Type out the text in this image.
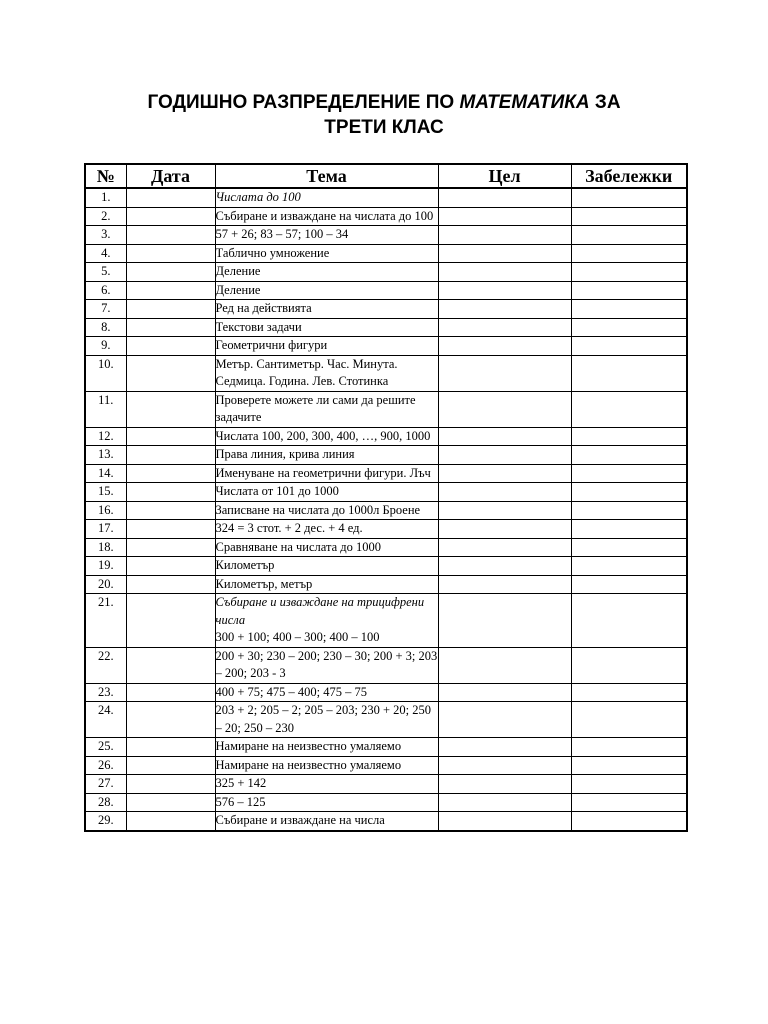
ГОДИШНО РАЗПРЕДЕЛЕНИЕ ПО МАТЕМАТИКА ЗА
ТРЕТИ КЛАС
№	Дата	Тема	Цел	Забележки
1.		Числата до 100		
2.		Събиране и изваждане на числата до 100		
3.		57 + 26; 83 – 57; 100 – 34		
4.		Таблично умножение		
5.		Деление		
6.		Деление		
7.		Ред на действията		
8.		Текстови задачи		
9.		Геометрични фигури		
10.		Метър. Сантиметър. Час. Минута. Седмица. Година. Лев. Стотинка		
11.		Проверете можете ли сами да решите задачите		
12.		Числата 100, 200, 300, 400, …, 900, 1000		
13.		Права линия, крива линия		
14.		Именуване на геометрични фигури. Лъч		
15.		Числата от 101 до 1000		
16.		Записване на числата до 1000л Броене		
17.		324 = 3 стот. + 2 дес. + 4 ед.		
18.		Сравняване на числата до 1000		
19.		Километър		
20.		Километър, метър		
21.		Събиране и изваждане на трицифрени числа
300 + 100; 400 – 300; 400 – 100		

22.		200 + 30; 230 – 200; 230 – 30; 200 + 3; 203 – 200; 203 - 3		
23.		400 + 75; 475 – 400; 475 – 75		
24.		203 + 2; 205 – 2; 205 – 203; 230 + 20; 250 – 20; 250 – 230		
25.		Намиране на неизвестно умаляемо		
26.		Намиране на неизвестно умаляемо		
27.		325 + 142		
28.		576 – 125		
29.		Събиране и изваждане на числа		
